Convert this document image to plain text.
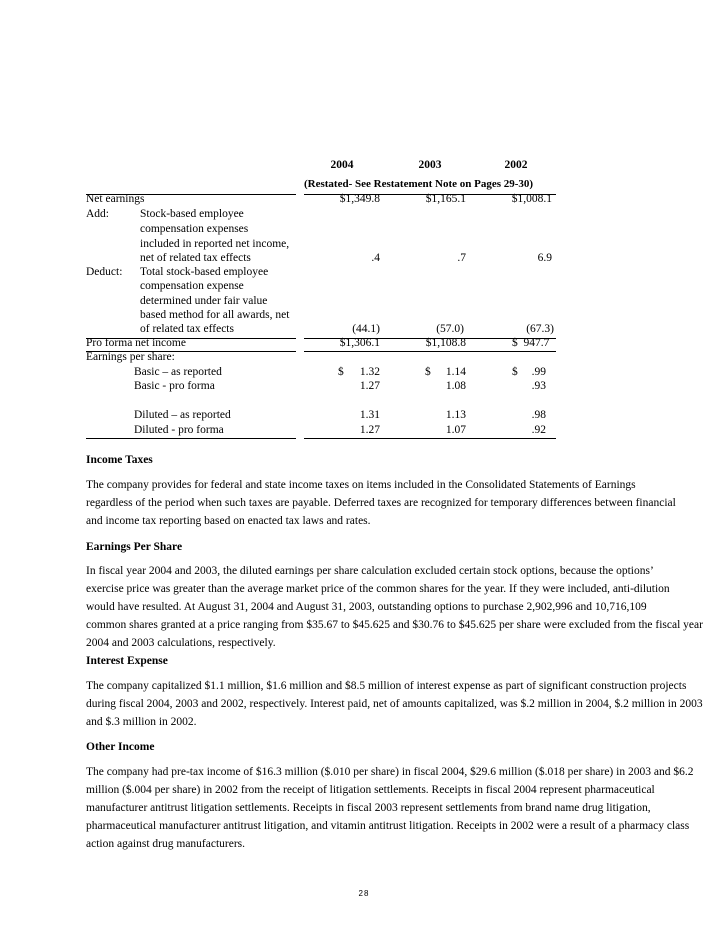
2004	2003	2002
(Restated- See Restatement Note on Pages 29-30)
Net earnings	$1,349.8	$1,165.1	$1,008.1
Add:	Stock-based employee
compensation expenses
included in reported net income,
net of related tax effects	.4	.7	6.9
Deduct: Total stock-based employee
compensation expense
determined under fair value
based method for all awards, net
of related tax effects	(44.1)	(57.0)	(67.3)
Pro forma net income	$1,306.1	$1,108.8	$  947.7
Earnings per share:
Basic – as reported	$	1.32	$	1.14	$	.99
Basic - pro forma	1.27	1.08	.93
Diluted – as reported	1.31	1.13	.98
Diluted - pro forma	1.27	1.07	.92
Income Taxes
The company provides for federal and state income taxes on items included in the Consolidated Statements of Earnings
regardless of the period when such taxes are payable. Deferred taxes are recognized for temporary differences between financial
and income tax reporting based on enacted tax laws and rates.
Earnings Per Share
In fiscal year 2004 and 2003, the diluted earnings per share calculation excluded certain stock options, because the options’
exercise price was greater than the average market price of the common shares for the year. If they were included, anti-dilution
would have resulted. At August 31, 2004 and August 31, 2003, outstanding options to purchase 2,902,996 and 10,716,109
common shares granted at a price ranging from $35.67 to $45.625 and $30.76 to $45.625 per share were excluded from the fiscal year
2004 and 2003 calculations, respectively.
Interest Expense
The company capitalized $1.1 million, $1.6 million and $8.5 million of interest expense as part of significant construction projects
during fiscal 2004, 2003 and 2002, respectively. Interest paid, net of amounts capitalized, was $.2 million in 2004, $.2 million in 2003
and $.3 million in 2002.
Other Income
The company had pre-tax income of $16.3 million ($.010 per share) in fiscal 2004, $29.6 million ($.018 per share) in 2003 and $6.2
million ($.004 per share) in 2002 from the receipt of litigation settlements. Receipts in fiscal 2004 represent pharmaceutical
manufacturer antitrust litigation settlements. Receipts in fiscal 2003 represent settlements from brand name drug litigation,
pharmaceutical manufacturer antitrust litigation, and vitamin antitrust litigation. Receipts in 2002 were a result of a pharmacy class
action against drug manufacturers.
28
